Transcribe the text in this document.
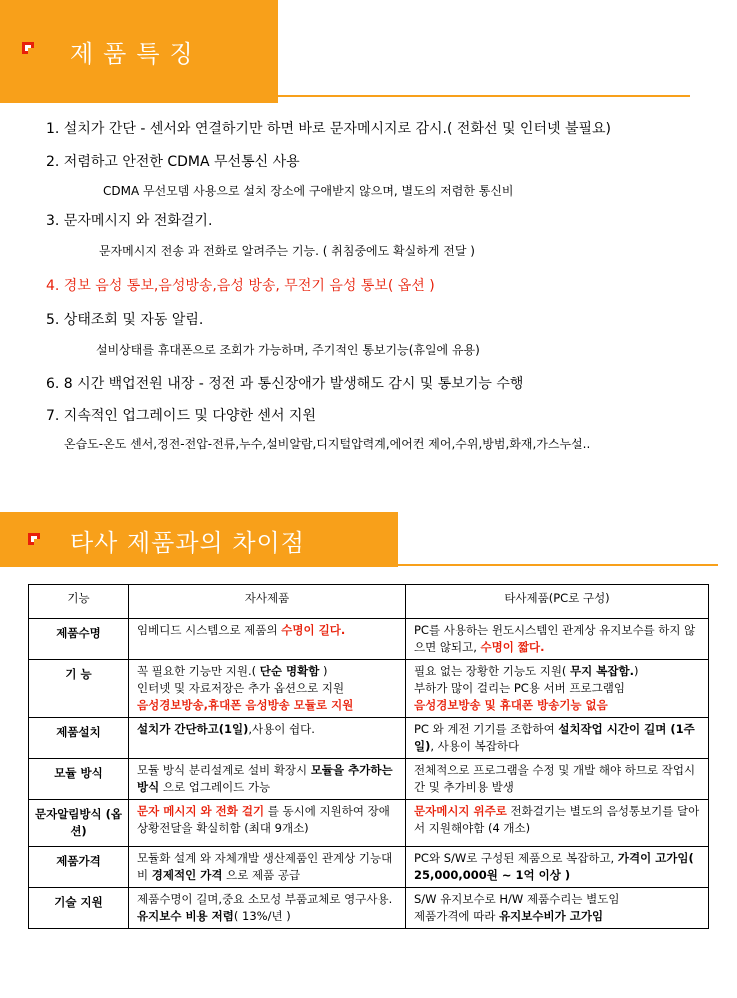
제품특징
1. 설치가 간단 - 센서와 연결하기만 하면 바로 문자메시지로 감시.( 전화선 및 인터넷 불필요)
2. 저렴하고 안전한 CDMA 무선통신 사용
CDMA 무선모뎀 사용으로 설치 장소에 구애받지 않으며, 별도의 저렴한 통신비
3. 문자메시지 와 전화걸기.
문자메시지 전송 과 전화로 알려주는 기능. ( 취침중에도 확실하게 전달 )
4. 경보 음성 통보,음성방송,음성 방송, 무전기 음성 통보( 옵션 )
5. 상태조회 및 자동 알림.
설비상태를 휴대폰으로 조회가 가능하며, 주기적인 통보기능(휴일에 유용)
6. 8 시간 백업전원 내장 - 정전 과 통신장애가 발생해도 감시 및 통보기능 수행
7. 지속적인 업그레이드 및 다양한 센서 지원
온습도-온도 센서,정전-전압-전류,누수,설비알람,디지털압력계,에어컨 제어,수위,방범,화재,가스누설..
타사 제품과의 차이점
기능	자사제품	타사제품(PC로 구성)
제품수명	임베디드 시스템으로 제품의 수명이 길다.	PC를 사용하는 윈도시스템인 관계상 유지보수를 하지 않으면 않되고, 수명이 짧다.
기 능	꼭 필요한 기능만 지원.( 단순 명확함 )
인터넷 및 자료저장은 추가 옵션으로 지원
음성경보방송,휴대폰 음성방송 모듈로 지원	필요 없는 장황한 기능도 지원( 무지 복잡함.)
부하가 많이 걸리는 PC용 서버 프로그램임
음성경보방송 및 휴대폰 방송기능 없음
제품설치	설치가 간단하고(1일),사용이 쉽다.	PC 와 계전 기기를 조합하여 설치작업 시간이 길며 (1주일), 사용이 복잡하다
모듈 방식	모듈 방식 분리설계로 설비 확장시 모듈을 추가하는 방식 으로 업그레이드 가능	전체적으로 프로그램을 수정 및 개발 해야 하므로 작업시간 및 추가비용 발생
문자알림방식 (옵션)	문자 메시지 와 전화 걸기 를 동시에 지원하여 장애 상황전달을 확실히함 (최대 9개소)	문자메시지 위주로 전화걸기는 별도의 음성통보기를 달아서 지원해야함 (4 개소)
제품가격	모듈화 설계 와 자체개발 생산제품인 관계상 기능대비 경제적인 가격 으로 제품 공급	PC와 S/W로 구성된 제품으로 복잡하고, 가격이 고가임( 25,000,000원 ~ 1억 이상 )
기술 지원	제품수명이 길며,중요 소모성 부품교체로 영구사용. 유지보수 비용 저렴( 13%/년 )	S/W 유지보수로 H/W 제품수리는 별도임
제품가격에 따라 유지보수비가 고가임
